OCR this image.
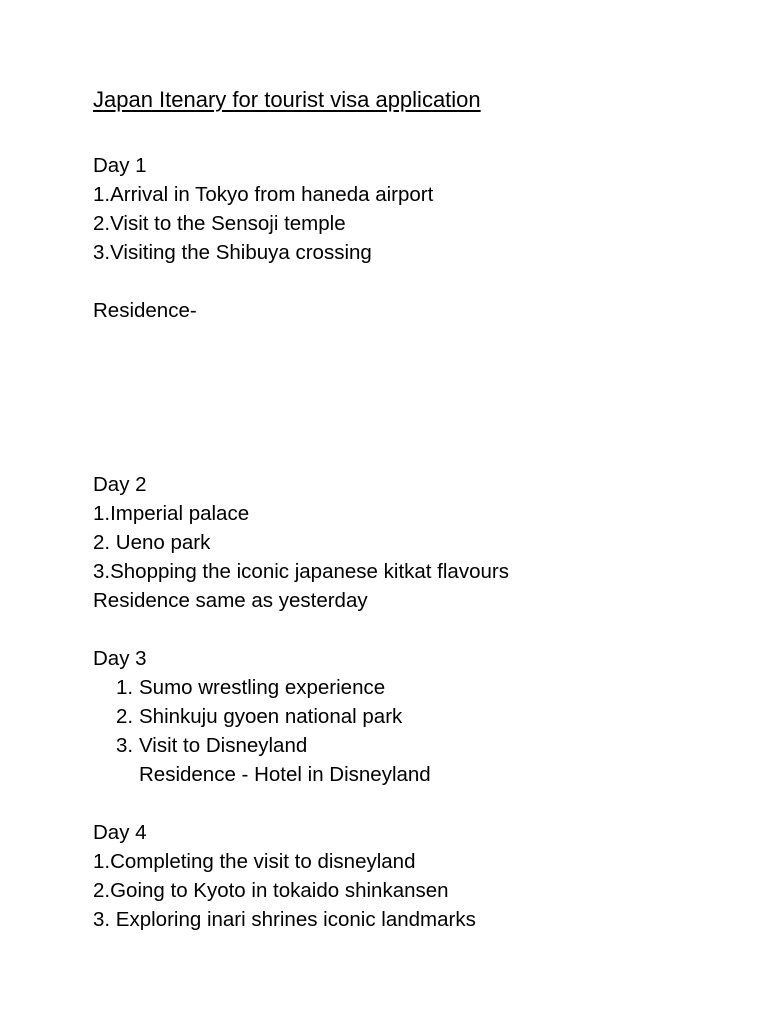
Japan Itenary for tourist visa application
Day 1
1.Arrival in Tokyo from haneda airport
2.Visit to the Sensoji temple
3.Visiting the Shibuya crossing
Residence-
Day 2
1.Imperial palace
2. Ueno park
3.Shopping the iconic japanese kitkat flavours
Residence same as yesterday
Day 3
1. Sumo wrestling experience
2. Shinkuju gyoen national park
3. Visit to Disneyland
Residence - Hotel in Disneyland
Day 4
1.Completing the visit to disneyland
2.Going to Kyoto in tokaido shinkansen
3. Exploring inari shrines iconic landmarks
